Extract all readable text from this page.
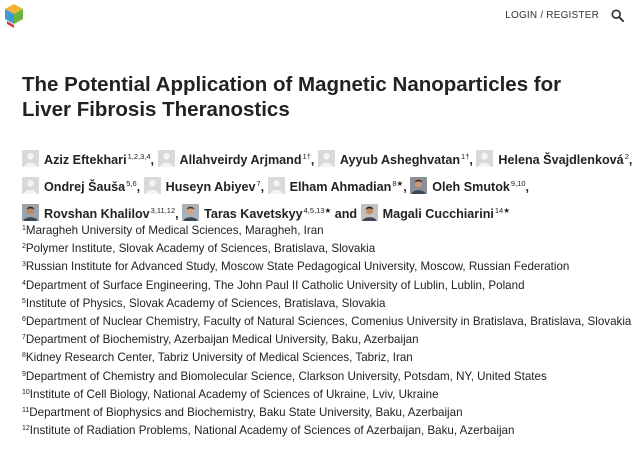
LOGIN / REGISTER
The Potential Application of Magnetic Nanoparticles for
Liver Fibrosis Theranostics
Aziz Eftekhari$^{1,2,3,4}$, Allahveirdy Arjmand$^{1\dagger}$, Ayyub Asheghvatan$^{1\dagger}$, Helena Švajdlenková$^2$, Ondrej Šauša$^{5,6}$, Huseyn Abiyev$^7$, Elham Ahmadian$^{8★}$, Oleh Smutok$^{9,10}$, Rovshan Khalilov$^{3,11,12}$, Taras Kavetskyy$^{4,5,13★}$ and Magali Cucchiarini$^{14★}$
$^1$Maragheh University of Medical Sciences, Maragheh, Iran
$^2$Polymer Institute, Slovak Academy of Sciences, Bratislava, Slovakia
$^3$Russian Institute for Advanced Study, Moscow State Pedagogical University, Moscow, Russian Federation
$^4$Department of Surface Engineering, The John Paul II Catholic University of Lublin, Lublin, Poland
$^5$Institute of Physics, Slovak Academy of Sciences, Bratislava, Slovakia
$^6$Department of Nuclear Chemistry, Faculty of Natural Sciences, Comenius University in Bratislava, Bratislava, Slovakia
$^7$Department of Biochemistry, Azerbaijan Medical University, Baku, Azerbaijan
$^8$Kidney Research Center, Tabriz University of Medical Sciences, Tabriz, Iran
$^9$Department of Chemistry and Biomolecular Science, Clarkson University, Potsdam, NY, United States
$^{10}$Institute of Cell Biology, National Academy of Sciences of Ukraine, Lviv, Ukraine
$^{11}$Department of Biophysics and Biochemistry, Baku State University, Baku, Azerbaijan
$^{12}$Institute of Radiation Problems, National Academy of Sciences of Azerbaijan, Baku, Azerbaijan
